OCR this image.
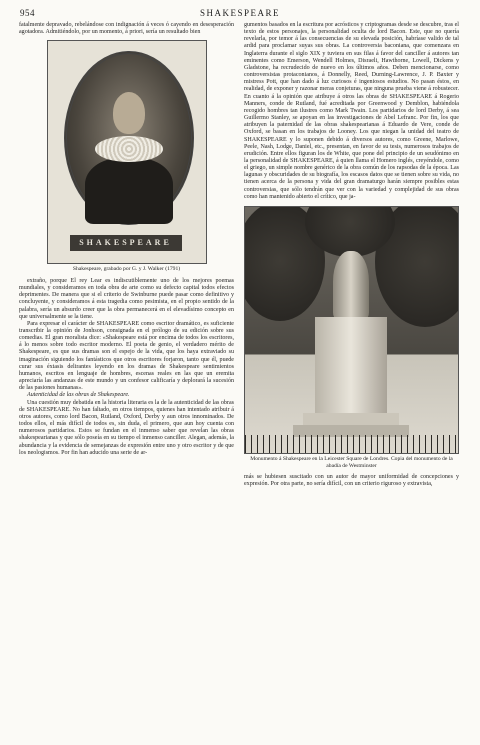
954	SHAKESPEARE

fatalmente depravado, rebelándose con indignación á veces ó cayendo en desesperación agotadora. Admitiéndolo, por un momento, á priori, sería un resultado bien

SHAKESPEARE
Shakespeare, grabado por G. y J. Walker (1791)

extraño, porque El rey Lear es indiscutiblemente uno de los mejores poemas mundiales, y consideramos en toda obra de arte como su defecto capital todos efectos deprimentes. De manera que si el criterio de Swinburne puede pasar como definitivo y concluyente, y consideramos á esta tragedia como pesimista, en el propio sentido de la palabra, sería un absurdo creer que la obra permanecerá en el elevadísimo concepto en que universalmente se la tiene.

Para expresar el carácter de SHAKESPEARE como escritor dramático, es suficiente transcribir la opinión de Jonhson, consignada en el prólogo de su edición sobre sus comedias. El gran moralista dice: «Shakespeare está por encima de todos los escritores, á lo menos sobre todo escritor moderno. El poeta de genio, el verdadero mérito de Shakespeare, es que sus dramas son el espejo de la vida, que los haya extraviado su imaginación siguiendo los fantásticos que otros escritores forjaron, tanto que él, puede curar sus éxtasis delirantes leyendo en los dramas de Shakespeare sentimientos humanos, escritos en lenguaje de hombres, escenas reales en las que un eremita apreciaría las andanzas de este mundo y un confesor calificaría y deplorará la sucesión de las pasiones humanas».

Autenticidad de las obras de Shakespeare.

Una cuestión muy debatida en la historia literaria es la de la autenticidad de las obras de SHAKESPEARE. No han faltado, en otros tiempos, quienes han intentado atribuir á otros autores, como lord Bacon, Rutland, Oxford, Derby y aun otros innominados. De todos ellos, el más difícil de todos es, sin duda, el primero, que aun hoy cuenta con numerosos partidarios. Estos se fundan en el inmenso saber que revelan las obras shakespearianas y que sólo poseía en su tiempo el inmenso canciller. Alegan, además, la abundancia y la evidencia de semejanzas de expresión entre uno y otro escritor y de que los neologismos. Por fin han aducido una serie de ar-

gumentos basados en la escritura por acrósticos y criptogramas desde se descubre, tras el texto de estos personajes, la personalidad oculta de lord Bacon. Este, que no quería revelarla, por temor á las consecuencias de su elevada posición, habríase valido de tal ardid para proclamar suyas sus obras. La controversia baconiana, que comenzara en Inglaterra durante el siglo XIX y tuviera en sus filas á favor del canciller á autores tan eminentes como Emerson, Wendell Holmes, Disraeli, Hawthorne, Lowell, Dickens y Gladstone, ha recrudecido de nuevo en los últimos años. Deben mencionarse, como controversistas protaconianos, á Donnelly, Reed, Durning-Lawrence, J. P. Baxter y mistress Pott, que han dado á luz curiosos é ingeniosos estudios. No pasan éstos, en realidad, de exponer y razonar meras conjeturas, que ninguna prueba viene á robustecer. En cuanto á la opinión que atribuye á otros las obras de SHAKESPEARE á Rogerio Manners, conde de Rutland, fué acreditada por Greenwood y Demblon, habiéndola recogido hombres tan ilustres como Mark Twain. Los partidarios de lord Derby, á sea Guillermo Stanley, se apoyan en las investigaciones de Abel Lefranc. Por fin, los que atribuyen la paternidad de las obras shakespearianas á Eduardo de Vere, conde de Oxford, se basan en los trabajos de Looney. Los que niegan la unidad del teatro de SHAKESPEARE y lo suponen debido á diversos autores, como Greene, Marlowe, Peele, Nash, Lodge, Daniel, etc., presentan, en favor de su tesis, numerosos trabajos de erudición. Entre ellos figuran los de White, que pone del principio de un seudónimo en la personalidad de SHAKESPEARE, á quien llama el Homero inglés, creyéndole, como el griego, un simple nombre genérico de la obra común de los rapsodas de la época. Las lagunas y obscuridades de su biografía, los escasos datos que se tienen sobre su vida, no tienen acerca de la persona y vida del gran dramaturgo harán siempre posibles estas controversias, que sólo tendrán que ver con la variedad y complejidad de sus obras como han mantenido abierto el crítico, que ja-

Monumento á Shakespeare en la Leicester Square de Londres. Copia del monumento de la abadía de Westminster

más se hubiesen suscitado con un autor de mayor uniformidad de concepciones y expresión. Por otra parte, no sería difícil, con un criterio riguroso y extravista,
